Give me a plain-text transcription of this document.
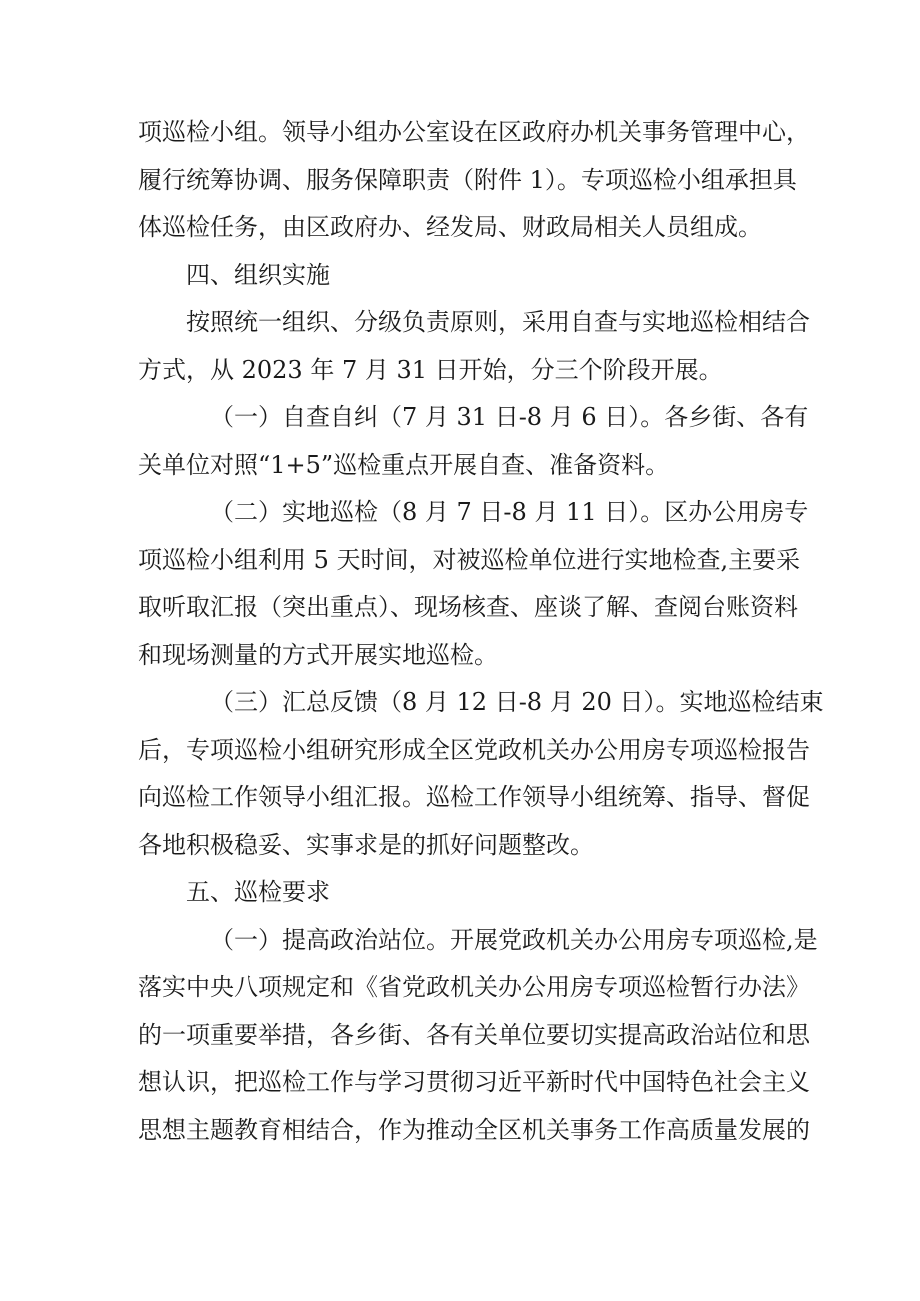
项巡检小组。领导小组办公室设在区政府办机关事务管理中心，
履行统筹协调、服务保障职责（附件 1）。专项巡检小组承担具
体巡检任务，由区政府办、经发局、财政局相关人员组成。
四、组织实施
按照统一组织、分级负责原则，采用自查与实地巡检相结合
方式，从 2023 年 7 月 31 日开始，分三个阶段开展。
（一）自查自纠（7 月 31 日-8 月 6 日）。各乡街、各有
关单位对照“1+5”巡检重点开展自查、准备资料。
（二）实地巡检（8 月 7 日-8 月 11 日）。区办公用房专
项巡检小组利用 5 天时间，对被巡检单位进行实地检查,主要采
取听取汇报（突出重点）、现场核查、座谈了解、查阅台账资料
和现场测量的方式开展实地巡检。
（三）汇总反馈（8 月 12 日-8 月 20 日）。实地巡检结束
后，专项巡检小组研究形成全区党政机关办公用房专项巡检报告
向巡检工作领导小组汇报。巡检工作领导小组统筹、指导、督促
各地积极稳妥、实事求是的抓好问题整改。
五、巡检要求
（一）提高政治站位。开展党政机关办公用房专项巡检,是
落实中央八项规定和《省党政机关办公用房专项巡检暂行办法》
的一项重要举措，各乡街、各有关单位要切实提高政治站位和思
想认识，把巡检工作与学习贯彻习近平新时代中国特色社会主义
思想主题教育相结合，作为推动全区机关事务工作高质量发展的
